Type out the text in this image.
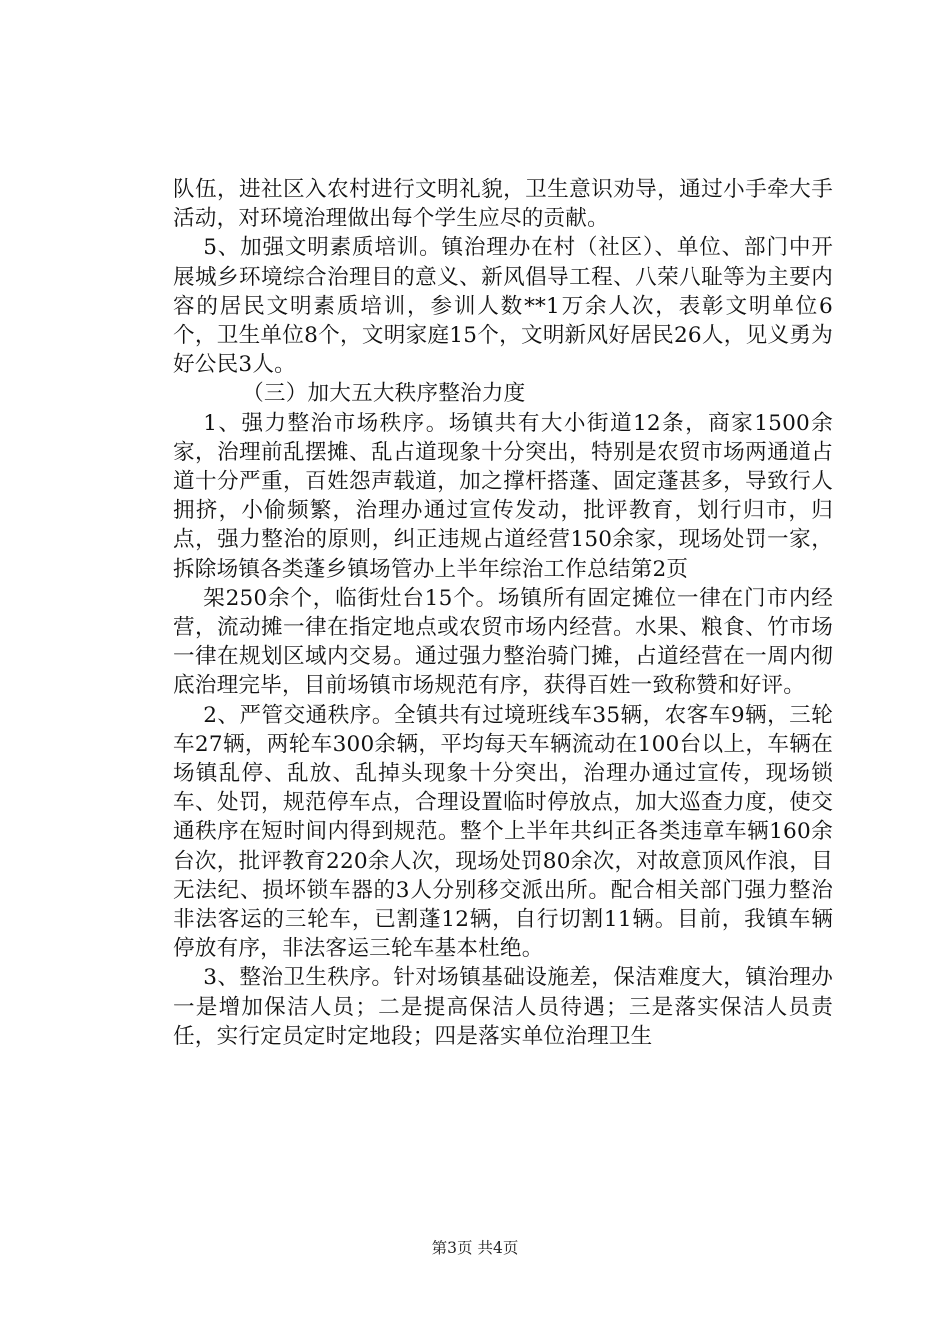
队伍，进社区入农村进行文明礼貌，卫生意识劝导，通过小手牵大手活动，对环境治理做出每个学生应尽的贡献。

5、加强文明素质培训。镇治理办在村（社区）、单位、部门中开展城乡环境综合治理目的意义、新风倡导工程、八荣八耻等为主要内容的居民文明素质培训，参训人数**1万余人次，表彰文明单位6个，卫生单位8个，文明家庭15个，文明新风好居民26人，见义勇为好公民3人。

（三）加大五大秩序整治力度

1、强力整治市场秩序。场镇共有大小街道12条，商家1500余家，治理前乱摆摊、乱占道现象十分突出，特别是农贸市场两通道占道十分严重，百姓怨声载道，加之撑杆搭蓬、固定蓬甚多，导致行人拥挤，小偷频繁，治理办通过宣传发动，批评教育，划行归市，归点，强力整治的原则，纠正违规占道经营150余家，现场处罚一家，拆除场镇各类蓬乡镇场管办上半年综治工作总结第2页

架250余个，临街灶台15个。场镇所有固定摊位一律在门市内经营，流动摊一律在指定地点或农贸市场内经营。水果、粮食、竹市场一律在规划区域内交易。通过强力整治骑门摊，占道经营在一周内彻底治理完毕，目前场镇市场规范有序，获得百姓一致称赞和好评。

2、严管交通秩序。全镇共有过境班线车35辆，农客车9辆，三轮车27辆，两轮车300余辆，平均每天车辆流动在100台以上，车辆在场镇乱停、乱放、乱掉头现象十分突出，治理办通过宣传，现场锁车、处罚，规范停车点，合理设置临时停放点，加大巡查力度，使交通秩序在短时间内得到规范。整个上半年共纠正各类违章车辆160余台次，批评教育220余人次，现场处罚80余次，对故意顶风作浪，目无法纪、损坏锁车器的3人分别移交派出所。配合相关部门强力整治非法客运的三轮车，已割蓬12辆，自行切割11辆。目前，我镇车辆停放有序，非法客运三轮车基本杜绝。

3、整治卫生秩序。针对场镇基础设施差，保洁难度大，镇治理办一是增加保洁人员；二是提高保洁人员待遇；三是落实保洁人员责任，实行定员定时定地段；四是落实单位治理卫生

第3页 共4页
